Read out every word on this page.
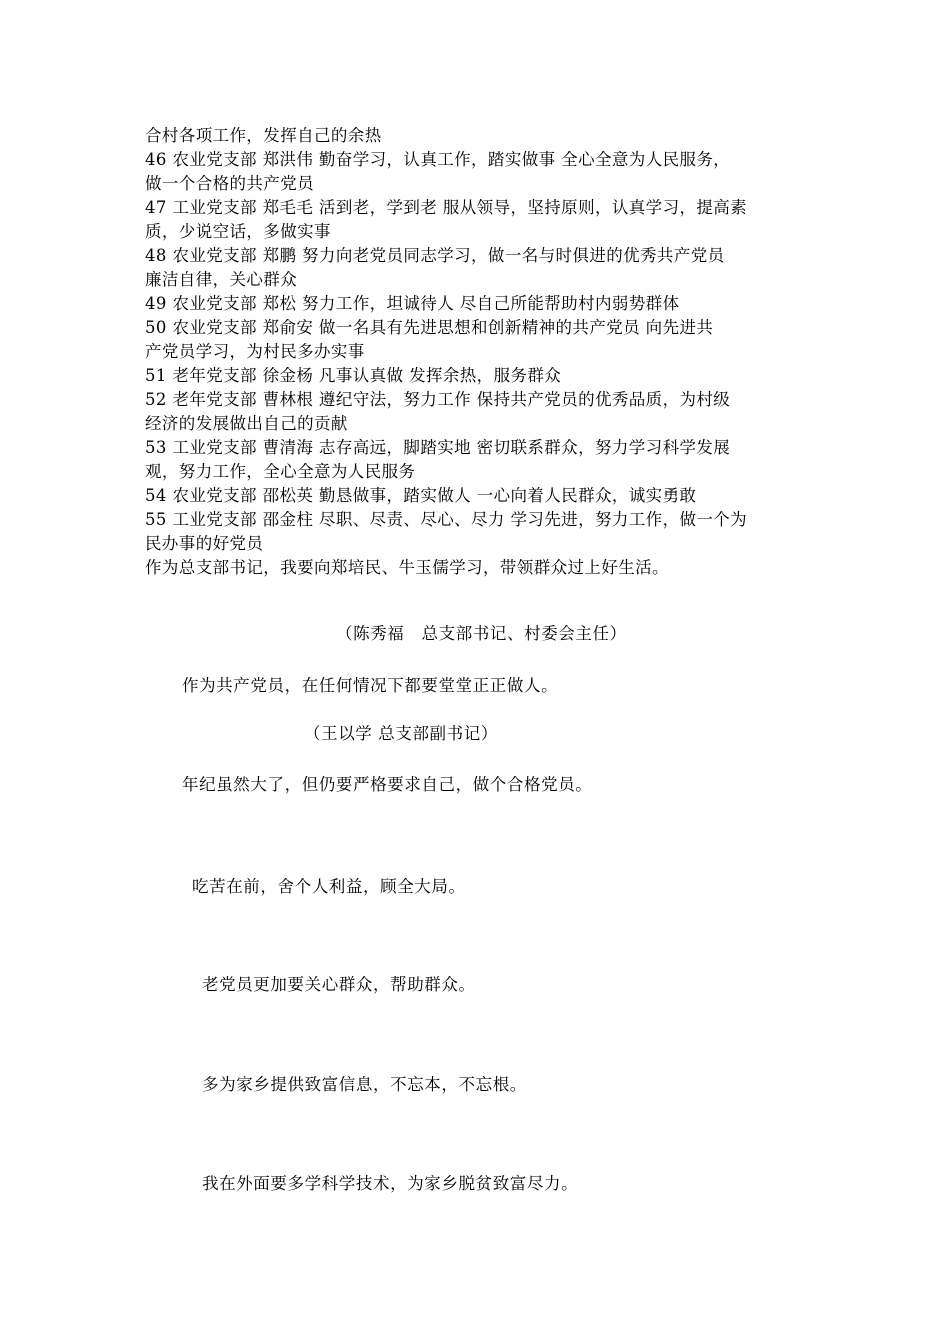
合村各项工作，发挥自己的余热

46 农业党支部 郑洪伟 勤奋学习，认真工作，踏实做事 全心全意为人民服务，

做一个合格的共产党员

47 工业党支部 郑毛毛 活到老，学到老 服从领导，坚持原则，认真学习，提高素

质，少说空话，多做实事

48 农业党支部 郑鹏 努力向老党员同志学习，做一名与时俱进的优秀共产党员

廉洁自律，关心群众

49 农业党支部 郑松 努力工作，坦诚待人 尽自己所能帮助村内弱势群体

50 农业党支部 郑俞安 做一名具有先进思想和创新精神的共产党员 向先进共

产党员学习，为村民多办实事

51 老年党支部 徐金杨 凡事认真做 发挥余热，服务群众

52 老年党支部 曹林根 遵纪守法，努力工作 保持共产党员的优秀品质，为村级

经济的发展做出自己的贡献

53 工业党支部 曹清海 志存高远，脚踏实地 密切联系群众，努力学习科学发展

观，努力工作，全心全意为人民服务

54 农业党支部 邵松英 勤恳做事，踏实做人 一心向着人民群众，诚实勇敢

55 工业党支部 邵金柱 尽职、尽责、尽心、尽力 学习先进，努力工作，做一个为

民办事的好党员

作为总支部书记，我要向郑培民、牛玉儒学习，带领群众过上好生活。

（陈秀福　总支部书记、村委会主任）
作为共产党员，在任何情况下都要堂堂正正做人。
（王以学 总支部副书记）
年纪虽然大了，但仍要严格要求自己，做个合格党员。
吃苦在前，舍个人利益，顾全大局。
老党员更加要关心群众，帮助群众。
多为家乡提供致富信息，不忘本，不忘根。
我在外面要多学科学技术，为家乡脱贫致富尽力。
